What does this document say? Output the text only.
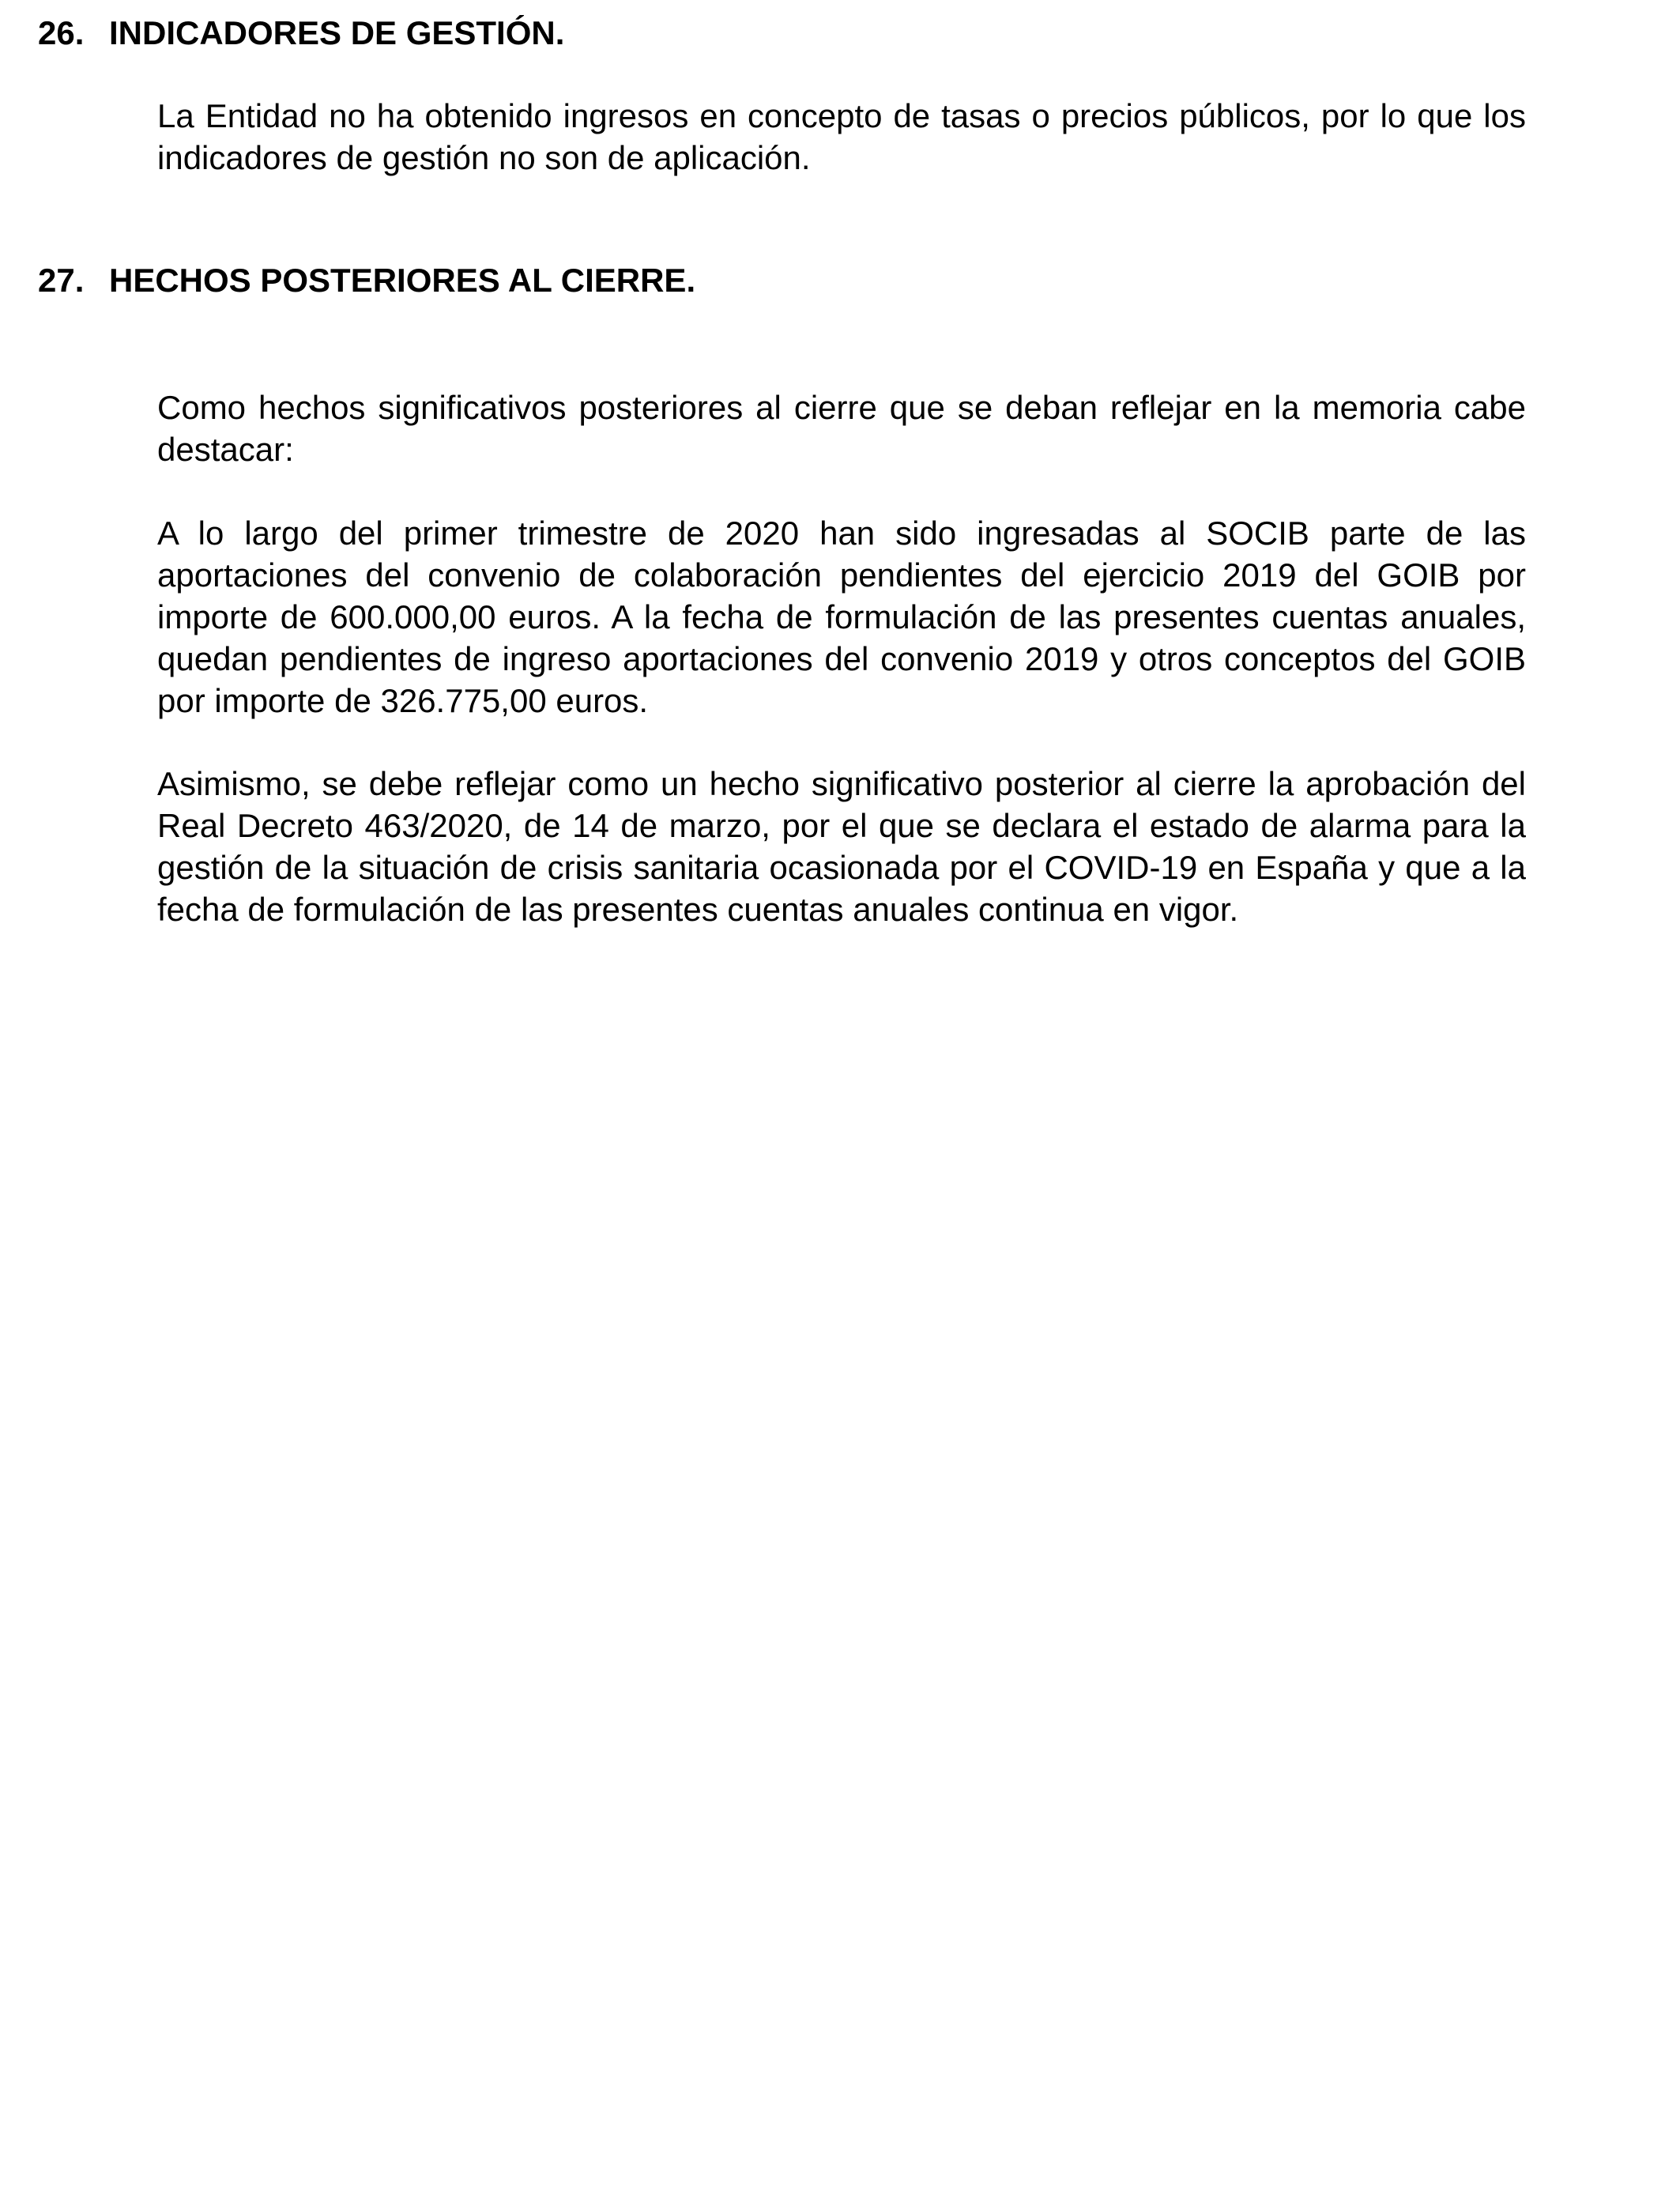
26. INDICADORES DE GESTIÓN.

La Entidad no ha obtenido ingresos en concepto de tasas o precios públicos, por lo que los indicadores de gestión no son de aplicación.

27. HECHOS POSTERIORES AL CIERRE.

Como hechos significativos posteriores al cierre que se deban reflejar en la memoria cabe destacar:

A lo largo del primer trimestre de 2020 han sido ingresadas al SOCIB parte de las aportaciones del convenio de colaboración pendientes del ejercicio 2019 del GOIB por importe de 600.000,00 euros. A la fecha de formulación de las presentes cuentas anuales, quedan pendientes de ingreso aportaciones del convenio 2019 y otros conceptos del GOIB por importe de 326.775,00 euros.

Asimismo, se debe reflejar como un hecho significativo posterior al cierre la aprobación del Real Decreto 463/2020, de 14 de marzo, por el que se declara el estado de alarma para la gestión de la situación de crisis sanitaria ocasionada por el COVID-19 en España y que a la fecha de formulación de las presentes cuentas anuales continua en vigor.
